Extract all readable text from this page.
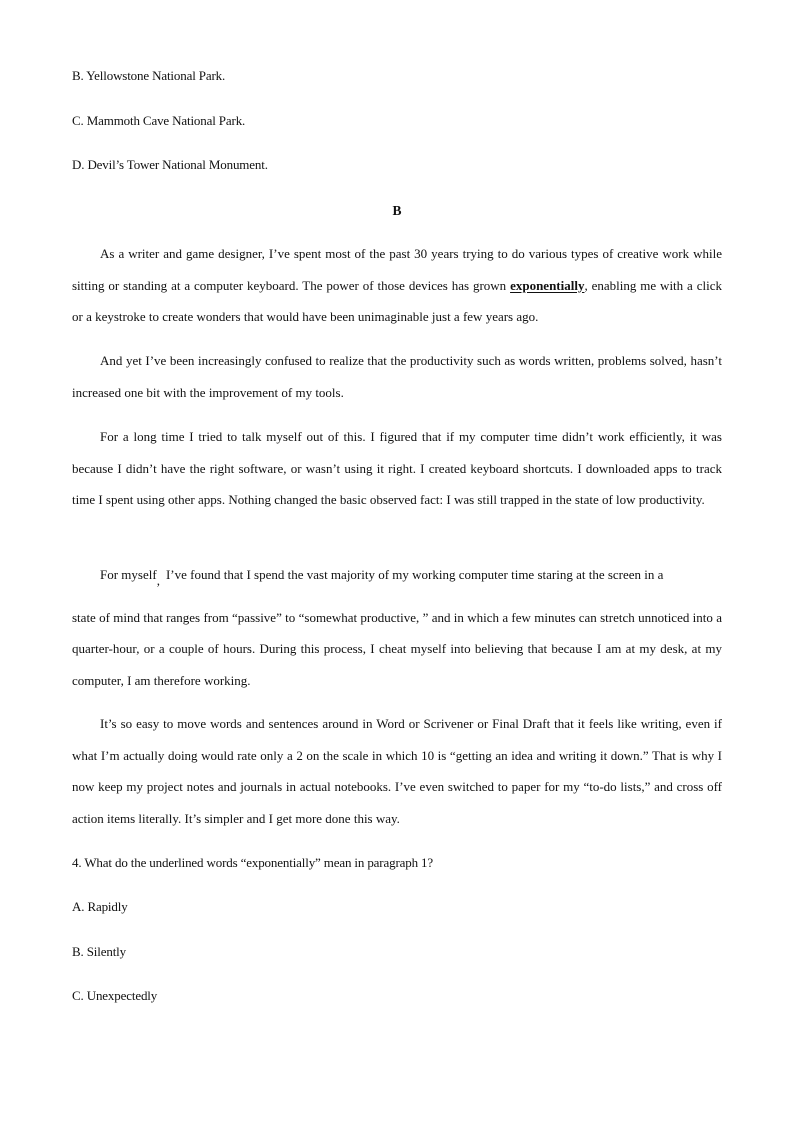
B. Yellowstone National Park.
C. Mammoth Cave National Park.
D. Devil’s Tower National Monument.
B

As a writer and game designer, I’ve spent most of the past 30 years trying to do various types of creative work while sitting or standing at a computer keyboard. The power of those devices has grown exponentially, enabling me with a click or a keystroke to create wonders that would have been unimaginable just a few years ago.

And yet I’ve been increasingly confused to realize that the productivity such as words written, problems solved, hasn’t increased one bit with the improvement of my tools.

For a long time I tried to talk myself out of this. I figured that if my computer time didn’t work efficiently, it was because I didn’t have the right software, or wasn’t using it right. I created keyboard shortcuts. I downloaded apps to track time I spent using other apps. Nothing changed the basic observed fact: I was still trapped in the state of low productivity.

For myself, I’ve found that I spend the vast majority of my working computer time staring at the screen in a

state of mind that ranges from “passive” to “somewhat productive, ” and in which a few minutes can stretch unnoticed into a quarter-hour, or a couple of hours. During this process, I cheat myself into believing that because I am at my desk, at my computer, I am therefore working.

It’s so easy to move words and sentences around in Word or Scrivener or Final Draft that it feels like writing, even if what I’m actually doing would rate only a 2 on the scale in which 10 is “getting an idea and writing it down.” That is why I now keep my project notes and journals in actual notebooks. I’ve even switched to paper for my “to-do lists,” and cross off action items literally. It’s simpler and I get more done this way.

4. What do the underlined words “exponentially” mean in paragraph 1?
A. Rapidly
B. Silently
C. Unexpectedly
